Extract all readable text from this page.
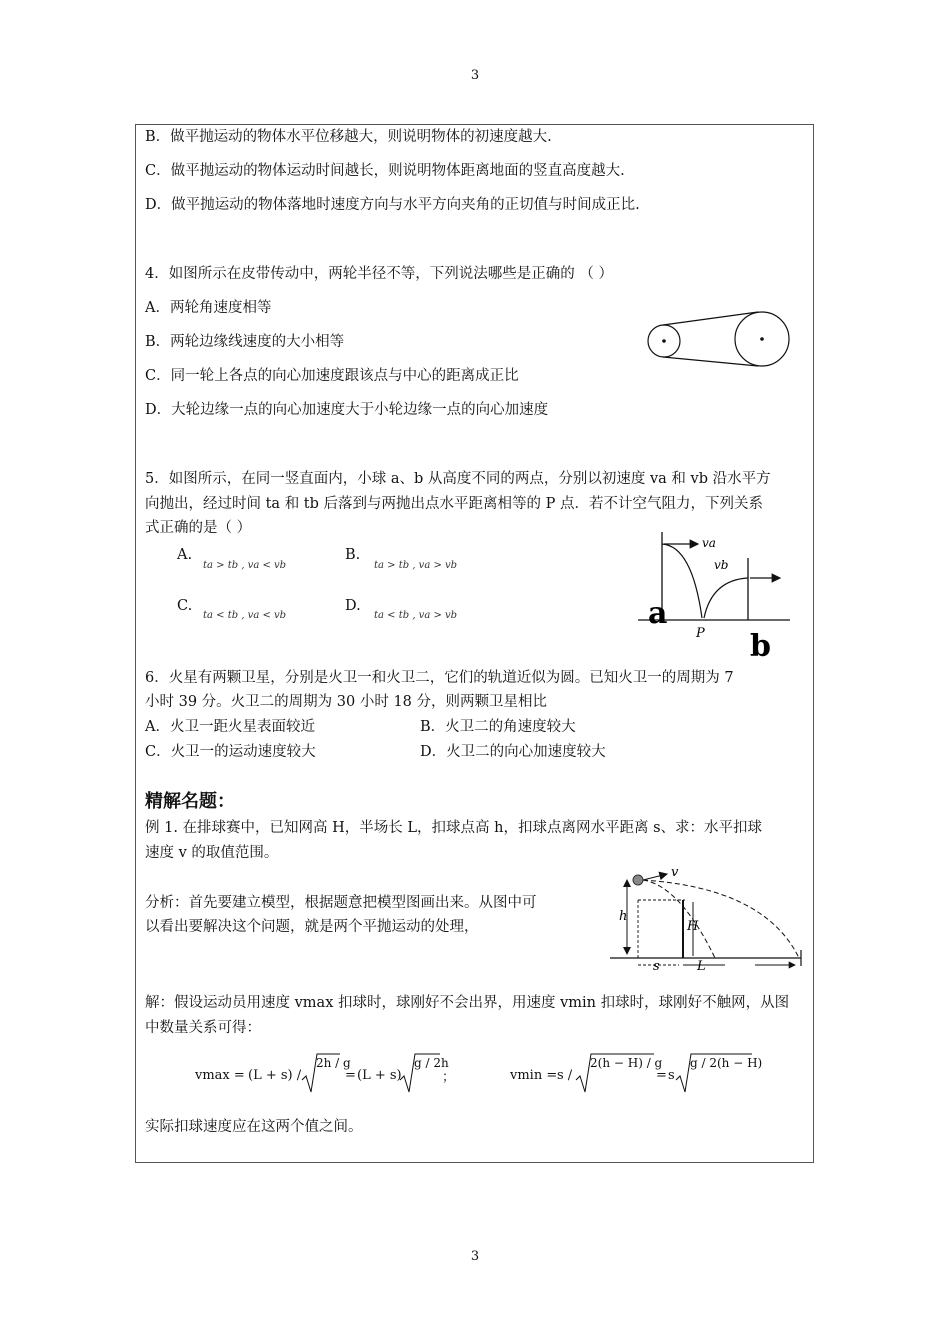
3
B．做平抛运动的物体水平位移越大，则说明物体的初速度越大.
C．做平抛运动的物体运动时间越长，则说明物体距离地面的竖直高度越大.
D．做平抛运动的物体落地时速度方向与水平方向夹角的正切值与时间成正比.
4．如图所示在皮带传动中，两轮半径不等，下列说法哪些是正确的 （ ）
A．两轮角速度相等
B．两轮边缘线速度的大小相等
C．同一轮上各点的向心加速度跟该点与中心的距离成正比
D．大轮边缘一点的向心加速度大于小轮边缘一点的向心加速度
5．如图所示，在同一竖直面内，小球 a、b 从高度不同的两点，分别以初速度 va 和 vb 沿水平方
向抛出，经过时间 ta 和 tb 后落到与两抛出点水平距离相等的 P 点．若不计空气阻力，下列关系
式正确的是（ ）
A.
ta > tb , va < vb
B.
ta > tb , va > vb
C.
ta < tb , va < vb
D.
ta < tb , va > vb
va
vb
a
b
P
6．火星有两颗卫星，分别是火卫一和火卫二，它们的轨道近似为圆。已知火卫一的周期为 7
小时 39 分。火卫二的周期为 30 小时 18 分，则两颗卫星相比
A．火卫一距火星表面较近	B．火卫二的角速度较大
C．火卫一的运动速度较大	D．火卫二的向心加速度较大
精解名题：
例 1. 在排球赛中，已知网高 H，半场长 L，扣球点高 h，扣球点离网水平距离 s、求：水平扣球
速度 v 的取值范围。
分析：首先要建立模型，根据题意把模型图画出来。从图中可
以看出要解决这个问题，就是两个平抛运动的处理，
v
h
H
s	L
解：假设运动员用速度 vmax 扣球时，球刚好不会出界，用速度 vmin 扣球时，球刚好不触网，从图
中数量关系可得：
vmax = (L + s) /
2h / g
= (L + s)
g / 2h
；	vmin = s /
2(h − H) / g
= s
g / 2(h − H)
实际扣球速度应在这两个值之间。
3
